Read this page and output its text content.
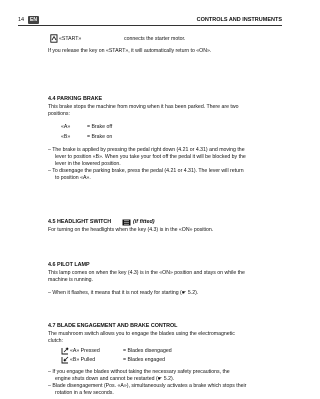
14	EN	CONTROLS AND INSTRUMENTS
«START»	connects the starter motor.
If you release the key on «START», it will automatically return to «ON».
4.4 PARKING BRAKE
This brake stops the machine from moving when it has been parked. There are two
positions:
«A»	= Brake off
«B»	= Brake on
– The brake is applied by pressing the pedal right down (4.21 or 4.31) and moving the
lever to position «B». When you take your foot off the pedal it will be blocked by the
lever in the lowered position.
– To disengage the parking brake, press the pedal (4.21 or 4.31). The lever will return
to position «A».
4.5 HEADLIGHT SWITCH	(if fitted)
For turning on the headlights when the key (4.3) is in the «ON» position.
4.6 PILOT LAMP
This lamp comes on when the key (4.3) is in the «ON» position and stays on while the
machine is running.
– When it flashes, it means that it is not ready for starting (☛ 5.2).
4.7 BLADE ENGAGEMENT AND BRAKE CONTROL
The mushroom switch allows you to engage the blades using the electromagnetic
clutch:
«A» Pressed	= Blades disengaged
«B» Pulled	= Blades engaged
– If you engage the blades without taking the necessary safety precautions, the
engine shuts down and cannot be restarted (☛ 5.2).
– Blade disengagement (Pos. «A»), simultaneously activates a brake which stops their
rotation in a few seconds.
